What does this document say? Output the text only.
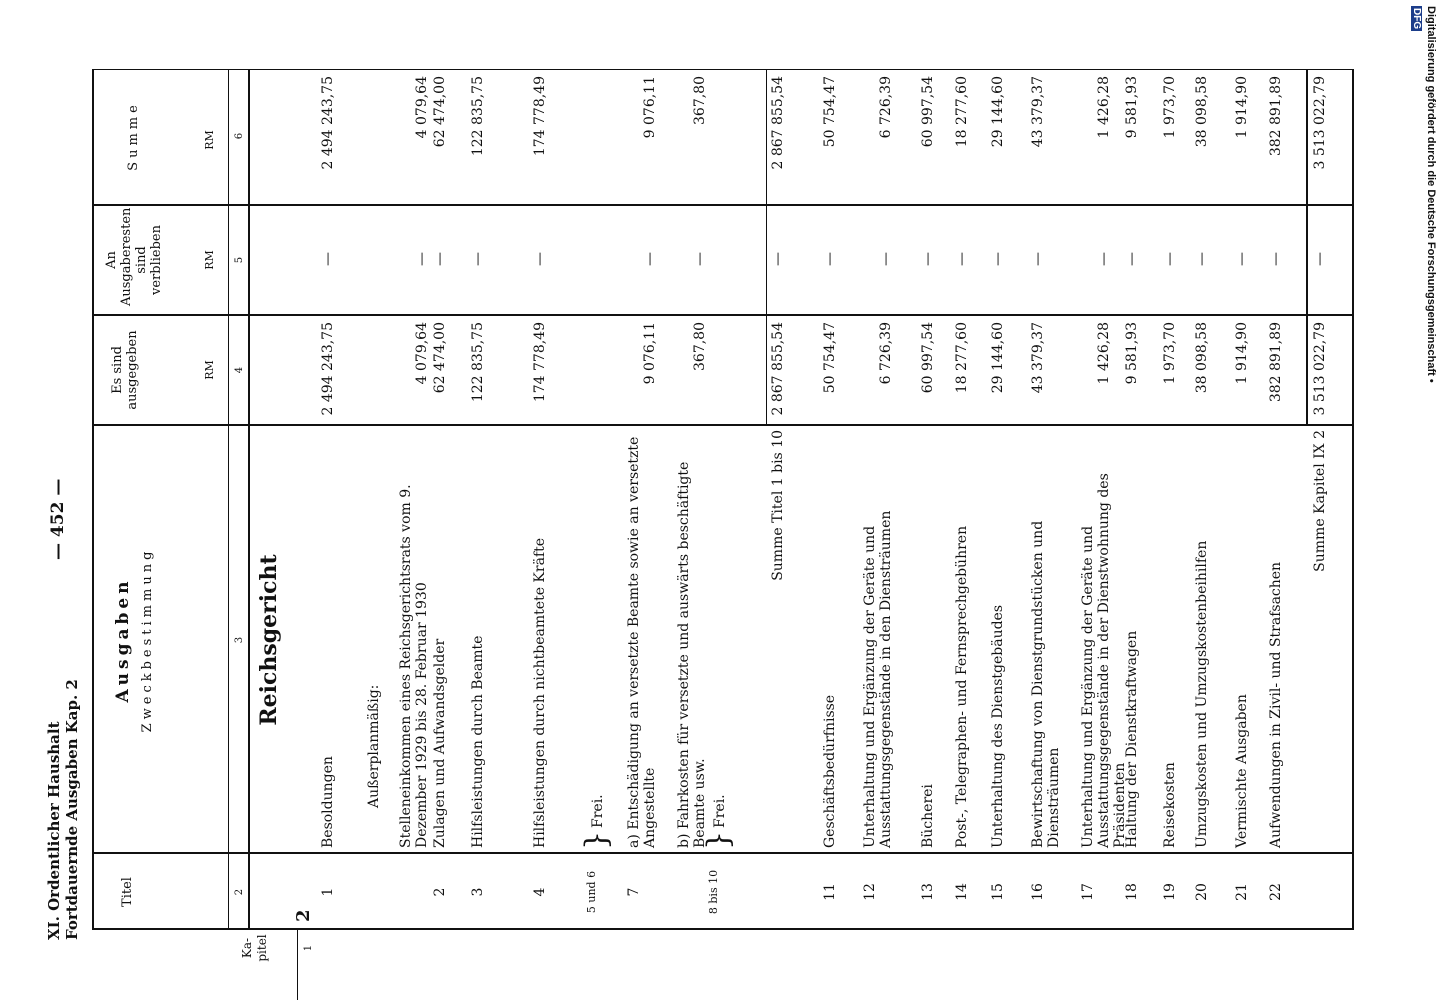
XI. Ordentlicher Haushalt Fortdauernde Ausgaben Kap. 2
— 452 —
Titel
Ausgaben Zweckbestimmung
Es sind ausgegeben
An Ausgaberesten sind verblieben
Summe
RM
RM
RM
2
3
4
5
6
Ka-pitel	1
2
Reichsgericht
1
Besoldungen
2 494 243,75
—
2 494 243,75
Außerplanmäßig: Stelleneinkommen eines Reichsgerichtsrats vom 9. Dezember 1929 bis 28. Februar 1930
4 079,64
—
4 079,64
2
Zulagen und Aufwandsgelder
62 474,00
—
62 474,00
3
Hilfsleistungen durch Beamte
122 835,75
—
122 835,75
4
Hilfsleistungen durch nichtbeamtete Kräfte
174 778,49
—
174 778,49
5 und 6
Frei.
}
7
a) Entschädigung an versetzte Beamte sowie an versetzte Angestellte
9 076,11
—
9 076,11
b) Fahrkosten für versetzte und auswärts beschäftigte Beamte usw.
367,80
—
367,80
8 bis 10
Frei.
}
Summe Titel 1 bis 10
2 867 855,54
—
2 867 855,54
11
Geschäftsbedürfnisse
50 754,47
—
50 754,47
12
Unterhaltung und Ergänzung der Geräte und Ausstattungsgegenstände in den Diensträumen
6 726,39
—
6 726,39
13
Bücherei
60 997,54
—
60 997,54
14
Post-, Telegraphen- und Fernsprechgebühren
18 277,60
—
18 277,60
15
Unterhaltung des Dienstgebäudes
29 144,60
—
29 144,60
16
Bewirtschaftung von Dienstgrundstücken und Diensträumen
43 379,37
—
43 379,37
17
Unterhaltung und Ergänzung der Geräte und Ausstattungsgegenstände in der Dienstwohnung des Präsidenten
1 426,28
—
1 426,28
18
Haltung der Dienstkraftwagen
9 581,93
—
9 581,93
19
Reisekosten
1 973,70
—
1 973,70
20
Umzugskosten und Umzugskostenbeihilfen
38 098,58
—
38 098,58
21
Vermischte Ausgaben
1 914,90
—
1 914,90
22
Aufwendungen in Zivil- und Strafsachen
382 891,89
—
382 891,89
Summe Kapitel IX 2
3 513 022,79
—
3 513 022,79	Digitalisierung gefördert durch die Deutsche Forschungsgemeinschaft • DFG
